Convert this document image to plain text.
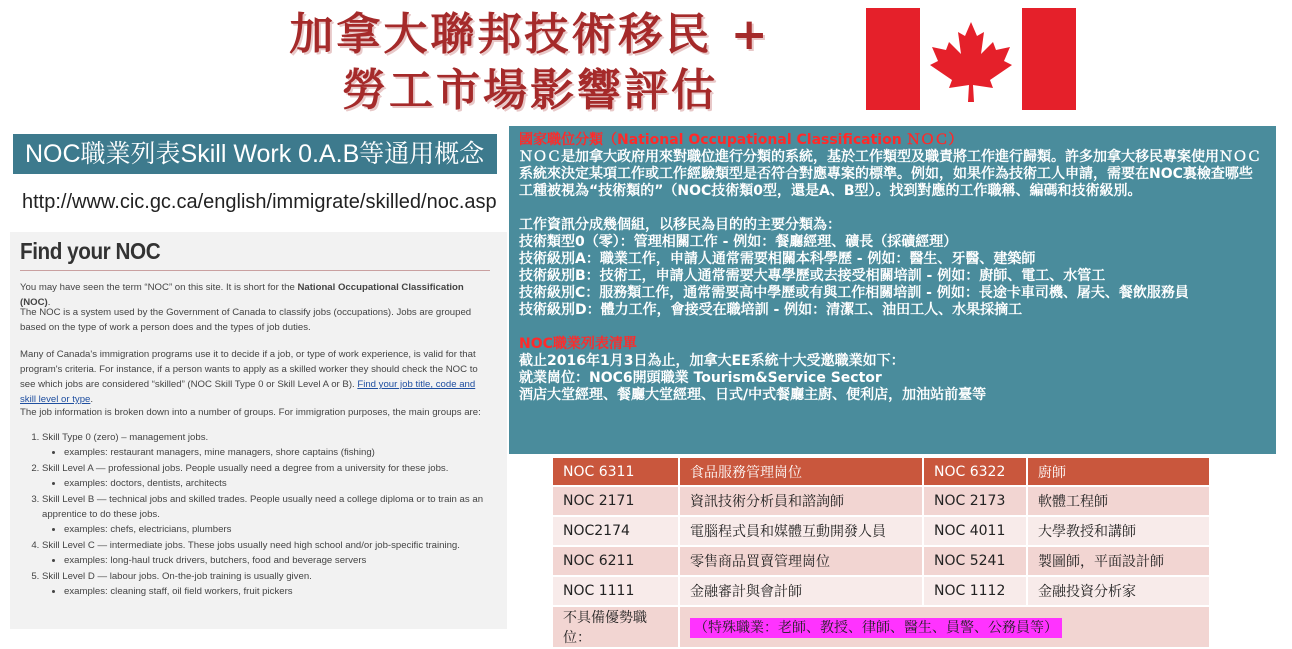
加拿大聯邦技術移民 +
勞工市場影響評估
NOC職業列表Skill Work 0.A.B等通用概念
http://www.cic.gc.ca/english/immigrate/skilled/noc.asp
Find your NOC

You may have seen the term “NOC” on this site. It is short for the National Occupational Classification (NOC).

The NOC is a system used by the Government of Canada to classify jobs (occupations). Jobs are grouped based on the type of work a person does and the types of job duties.

Many of Canada's immigration programs use it to decide if a job, or type of work experience, is valid for that program's criteria. For instance, if a person wants to apply as a skilled worker they should check the NOC to see which jobs are considered “skilled” (NOC Skill Type 0 or Skill Level A or B). Find your job title, code and skill level or type.

The job information is broken down into a number of groups. For immigration purposes, the main groups are:

1. Skill Type 0 (zero) – management jobs.
• examples: restaurant managers, mine managers, shore captains (fishing)
2. Skill Level A — professional jobs. People usually need a degree from a university for these jobs.
• examples: doctors, dentists, architects
3. Skill Level B — technical jobs and skilled trades. People usually need a college diploma or to train as an apprentice to do these jobs.
• examples: chefs, electricians, plumbers
4. Skill Level C — intermediate jobs. These jobs usually need high school and/or job-specific training.
• examples: long-haul truck drivers, butchers, food and beverage servers
5. Skill Level D — labour jobs. On-the-job training is usually given.
• examples: cleaning staff, oil field workers, fruit pickers
國家職位分類（National Occupational Classification ＮＯＣ）
ＮＯＣ是加拿大政府用來對職位進行分類的系統，基於工作類型及職責將工作進行歸類。許多加拿大移民專案使用ＮＯＣ系統來決定某項工作或工作經驗類型是否符合對應專案的標準。例如，如果作為技術工人申請，需要在NOC裏檢查哪些工種被視為“技術類的”（NOC技術類0型，還是A、B型）。找到對應的工作職稱、編碼和技術級別。
工作資訊分成幾個組，以移民為目的的主要分類為：
技術類型0（零）：管理相關工作 - 例如：餐廳經理、礦長（採礦經理）
技術級別A：職業工作，申請人通常需要相關本科學歷 - 例如：醫生、牙醫、建築師
技術級別B：技術工，申請人通常需要大專學歷或去接受相關培訓 - 例如：廚師、電工、水管工
技術級別C：服務類工作，通常需要高中學歷或有與工作相關培訓 - 例如：長途卡車司機、屠夫、餐飲服務員
技術級別D：體力工作，會接受在職培訓 - 例如：清潔工、油田工人、水果採摘工
NOC職業列表清單
截止2016年1月3日為止，加拿大EE系統十大受邀職業如下：
就業崗位：NOC6開頭職業 Tourism&Service Sector
酒店大堂經理、餐廳大堂經理、日式/中式餐廳主廚、便利店，加油站前臺等
NOC 6311	食品服務管理崗位	NOC 6322	廚師
NOC 2171	資訊技術分析員和諮詢師	NOC 2173	軟體工程師
NOC2174	電腦程式員和媒體互動開發人員	NOC 4011	大學教授和講師
NOC 6211	零售商品買賣管理崗位	NOC 5241	製圖師，平面設計師
NOC 1111	金融審計與會計師	NOC 1112	金融投資分析家
不具備優勢職位：	（特殊職業：老師、教授、律師、醫生、員警、公務員等）		
